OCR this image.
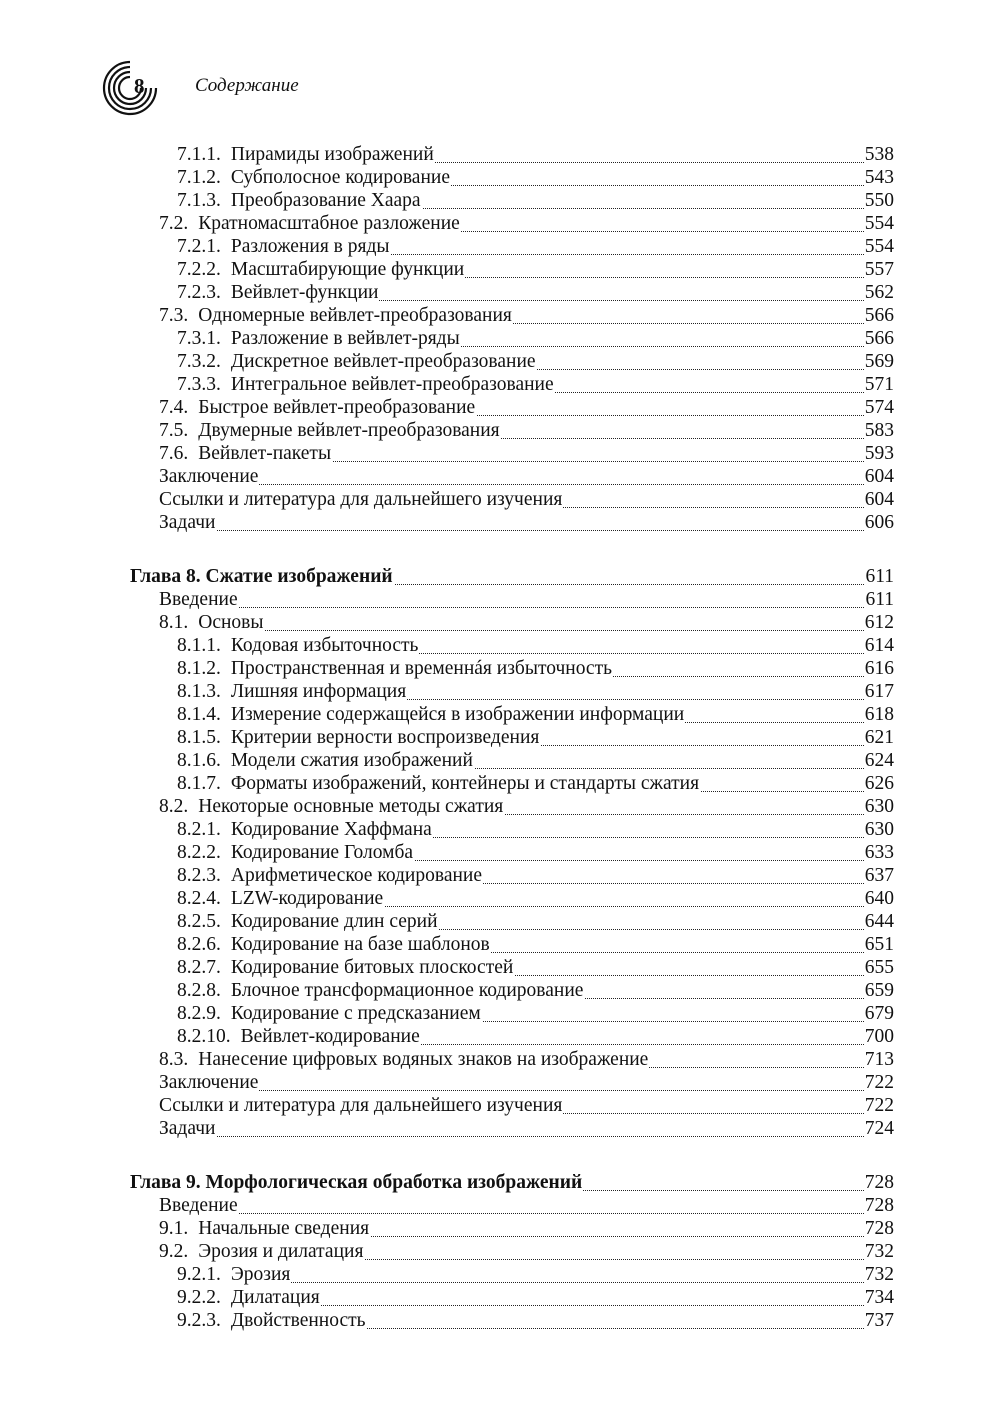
8	Содержание
7.1.1. Пирамиды изображений	538
7.1.2. Субполосное кодирование	543
7.1.3. Преобразование Хаара	550
7.2. Кратномасштабное разложение	554
7.2.1. Разложения в ряды	554
7.2.2. Масштабирующие функции	557
7.2.3. Вейвлет-функции	562
7.3. Одномерные вейвлет-преобразования	566
7.3.1. Разложение в вейвлет-ряды	566
7.3.2. Дискретное вейвлет-преобразование	569
7.3.3. Интегральное вейвлет-преобразование	571
7.4. Быстрое вейвлет-преобразование	574
7.5. Двумерные вейвлет-преобразования	583
7.6. Вейвлет-пакеты	593
Заключение	604
Ссылки и литература для дальнейшего изучения	604
Задачи	606
Глава 8. Сжатие изображений	611
Введение	611
8.1. Основы	612
8.1.1. Кодовая избыточность	614
8.1.2. Пространственная и временнáя избыточность	616
8.1.3. Лишняя информация	617
8.1.4. Измерение содержащейся в изображении информации	618
8.1.5. Критерии верности воспроизведения	621
8.1.6. Модели сжатия изображений	624
8.1.7. Форматы изображений, контейнеры и стандарты сжатия	626
8.2. Некоторые основные методы сжатия	630
8.2.1. Кодирование Хаффмана	630
8.2.2. Кодирование Голомба	633
8.2.3. Арифметическое кодирование	637
8.2.4. LZW-кодирование	640
8.2.5. Кодирование длин серий	644
8.2.6. Кодирование на базе шаблонов	651
8.2.7. Кодирование битовых плоскостей	655
8.2.8. Блочное трансформационное кодирование	659
8.2.9. Кодирование с предсказанием	679
8.2.10. Вейвлет-кодирование	700
8.3. Нанесение цифровых водяных знаков на изображение	713
Заключение	722
Ссылки и литература для дальнейшего изучения	722
Задачи	724
Глава 9. Морфологическая обработка изображений	728
Введение	728
9.1. Начальные сведения	728
9.2. Эрозия и дилатация	732
9.2.1. Эрозия	732
9.2.2. Дилатация	734
9.2.3. Двойственность	737
